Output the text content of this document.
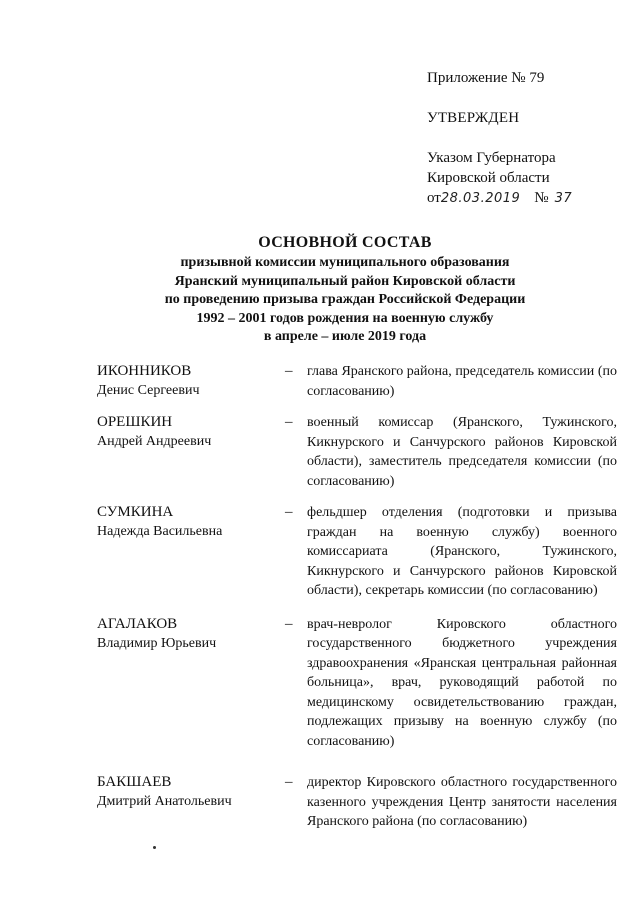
Приложение № 79

УТВЕРЖДЕН

Указом Губернатора

Кировской области

от 28.03.2019 № 37

ОСНОВНОЙ СОСТАВ

призывной комиссии муниципального образования

Яранский муниципальный район Кировской области

по проведению призыва граждан Российской Федерации

1992 – 2001 годов рождения на военную службу

в апреле – июле 2019 года

ИКОННИКОВ
Денис Сергеевич
–	глава Яранского района, председатель комиссии (по согласованию)
ОРЕШКИН
Андрей Андреевич
–	военный комиссар (Яранского, Тужинского, Кикнурского и Санчурского районов Кировской области), заместитель председателя комиссии (по согласованию)
СУМКИНА
Надежда Васильевна
–	фельдшер отделения (подготовки и призыва граждан на военную службу) военного комиссариата (Яранского, Тужинского, Кикнурского и Санчурского районов Кировской области), секретарь комиссии (по согласованию)
АГАЛАКОВ
Владимир Юрьевич
–	врач-невролог Кировского областного государственного бюджетного учреждения здравоохранения «Яранская центральная районная больница», врач, руководящий работой по медицинскому освидетельствованию граждан, подлежащих призыву на военную службу (по согласованию)
БАКШАЕВ
Дмитрий Анатольевич
–	директор Кировского областного государственного казенного учреждения Центр занятости населения Яранского района (по согласованию)
